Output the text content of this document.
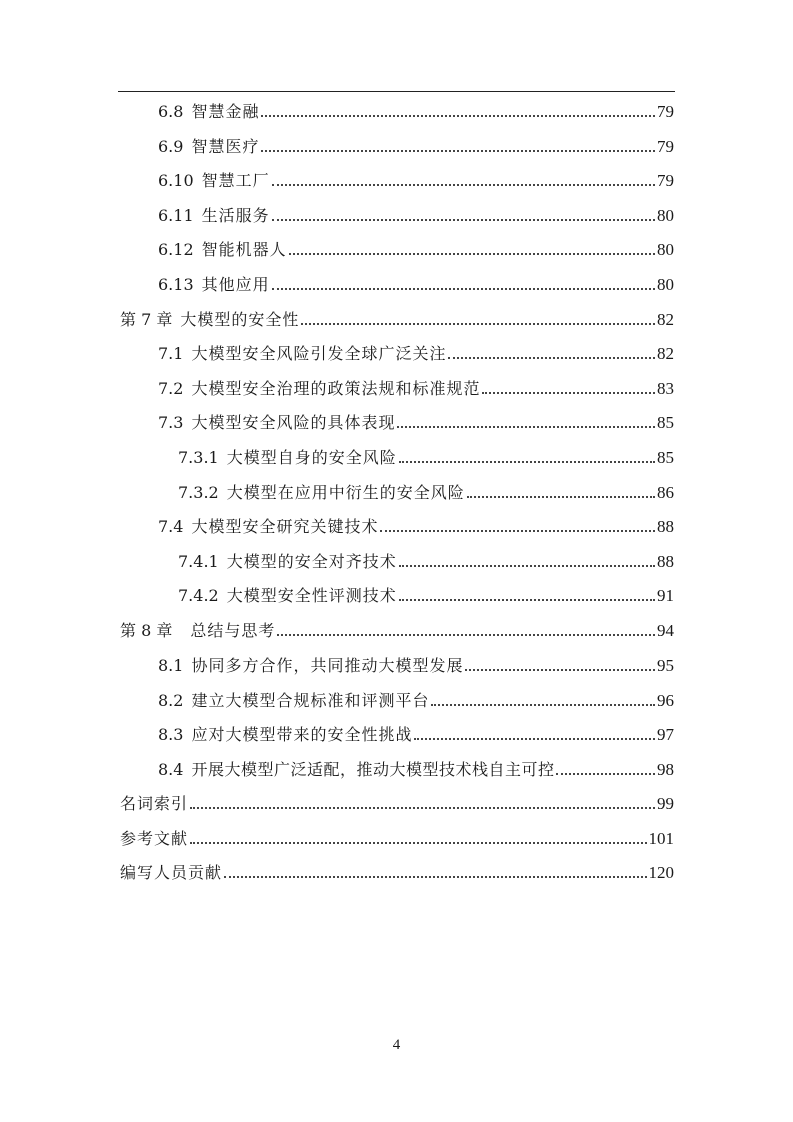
6.8 智慧金融	79
6.9 智慧医疗	79
6.10 智慧工厂	79
6.11 生活服务	80
6.12 智能机器人	80
6.13 其他应用	80
第 7 章 大模型的安全性	82
7.1 大模型安全风险引发全球广泛关注	82
7.2 大模型安全治理的政策法规和标准规范	83
7.3 大模型安全风险的具体表现	85
7.3.1 大模型自身的安全风险	85
7.3.2 大模型在应用中衍生的安全风险	86
7.4 大模型安全研究关键技术	88
7.4.1 大模型的安全对齐技术	88
7.4.2 大模型安全性评测技术	91
第 8 章 总结与思考	94
8.1 协同多方合作，共同推动大模型发展	95
8.2 建立大模型合规标准和评测平台	96
8.3 应对大模型带来的安全性挑战	97
8.4 开展大模型广泛适配，推动大模型技术栈自主可控	98
名词索引	99
参考文献	101
编写人员贡献	120
4
